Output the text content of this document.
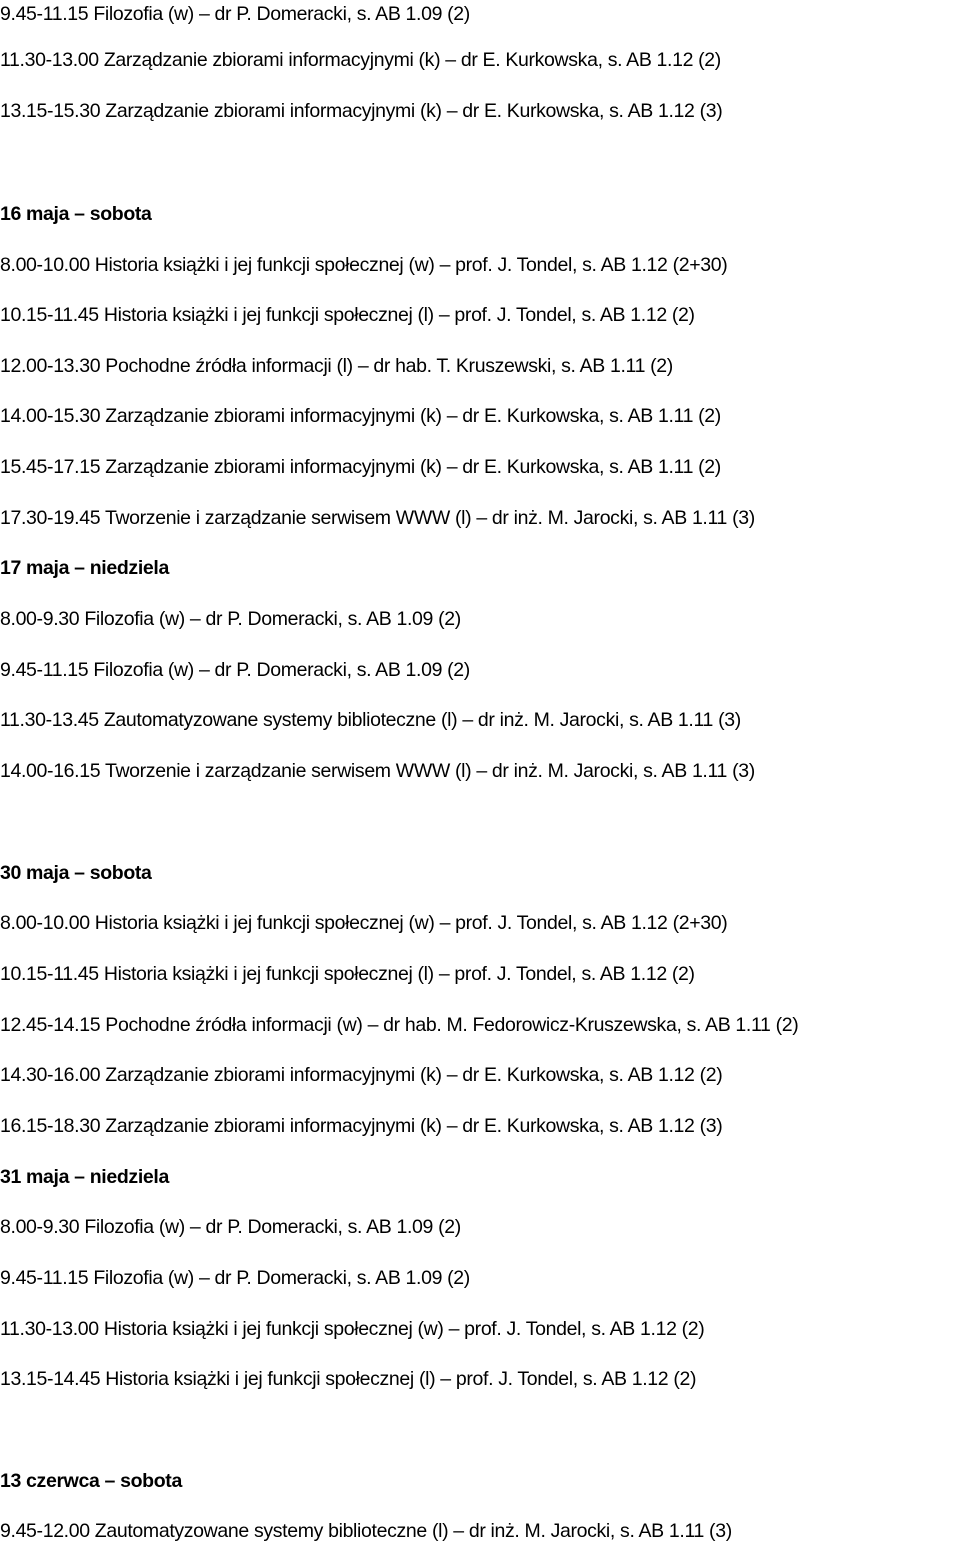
9.45-11.15 Filozofia (w) – dr P. Domeracki, s. AB 1.09 (2)
11.30-13.00 Zarządzanie zbiorami informacyjnymi (k) – dr E. Kurkowska, s. AB 1.12 (2)
13.15-15.30 Zarządzanie zbiorami informacyjnymi (k) – dr E. Kurkowska, s. AB 1.12 (3)
16 maja – sobota
8.00-10.00 Historia książki i jej funkcji społecznej (w) – prof. J. Tondel, s. AB 1.12 (2+30)
10.15-11.45 Historia książki i jej funkcji społecznej (l) – prof. J. Tondel, s. AB 1.12 (2)
12.00-13.30 Pochodne źródła informacji (l) – dr hab. T. Kruszewski, s. AB 1.11 (2)
14.00-15.30 Zarządzanie zbiorami informacyjnymi (k) – dr E. Kurkowska, s. AB 1.11 (2)
15.45-17.15 Zarządzanie zbiorami informacyjnymi (k) – dr E. Kurkowska, s. AB 1.11 (2)
17.30-19.45 Tworzenie i zarządzanie serwisem WWW (l) – dr inż. M. Jarocki, s. AB 1.11 (3)
17 maja – niedziela
8.00-9.30 Filozofia (w) – dr P. Domeracki, s. AB 1.09 (2)
9.45-11.15 Filozofia (w) – dr P. Domeracki, s. AB 1.09 (2)
11.30-13.45 Zautomatyzowane systemy biblioteczne (l) – dr inż. M. Jarocki, s. AB 1.11 (3)
14.00-16.15 Tworzenie i zarządzanie serwisem WWW (l) – dr inż. M. Jarocki, s. AB 1.11 (3)
30 maja – sobota
8.00-10.00 Historia książki i jej funkcji społecznej (w) – prof. J. Tondel, s. AB 1.12 (2+30)
10.15-11.45 Historia książki i jej funkcji społecznej (l) – prof. J. Tondel, s. AB 1.12 (2)
12.45-14.15 Pochodne źródła informacji (w) – dr hab. M. Fedorowicz-Kruszewska, s. AB 1.11 (2)
14.30-16.00 Zarządzanie zbiorami informacyjnymi (k) – dr E. Kurkowska, s. AB 1.12 (2)
16.15-18.30 Zarządzanie zbiorami informacyjnymi (k) – dr E. Kurkowska, s. AB 1.12 (3)
31 maja – niedziela
8.00-9.30 Filozofia (w) – dr P. Domeracki, s. AB 1.09 (2)
9.45-11.15 Filozofia (w) – dr P. Domeracki, s. AB 1.09 (2)
11.30-13.00 Historia książki i jej funkcji społecznej (w) – prof. J. Tondel, s. AB 1.12 (2)
13.15-14.45 Historia książki i jej funkcji społecznej (l) – prof. J. Tondel, s. AB 1.12 (2)
13 czerwca – sobota
9.45-12.00 Zautomatyzowane systemy biblioteczne (l) – dr inż. M. Jarocki, s. AB 1.11 (3)
